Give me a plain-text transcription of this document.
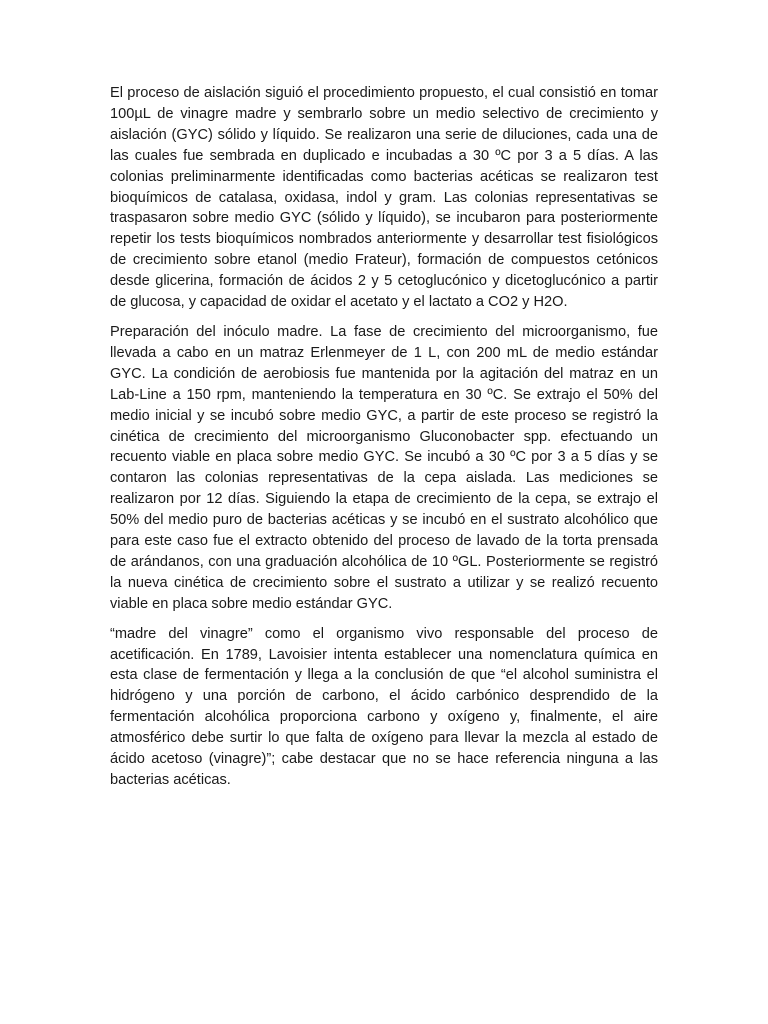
El proceso de aislación siguió el procedimiento propuesto, el cual consistió en tomar 100µL de vinagre madre y sembrarlo sobre un medio selectivo de crecimiento y aislación (GYC) sólido y líquido. Se realizaron una serie de diluciones, cada una de las cuales fue sembrada en duplicado e incubadas a 30 ºC por 3 a 5 días. A las colonias preliminarmente identificadas como bacterias acéticas se realizaron test bioquímicos de catalasa, oxidasa, indol y gram. Las colonias representativas se traspasaron sobre medio GYC (sólido y líquido), se incubaron para posteriormente repetir los tests bioquímicos nombrados anteriormente y desarrollar test fisiológicos de crecimiento sobre etanol (medio Frateur), formación de compuestos cetónicos desde glicerina, formación de ácidos 2 y 5 cetoglucónico y dicetoglucónico a partir de glucosa, y capacidad de oxidar el acetato y el lactato a CO2 y H2O.

Preparación del inóculo madre. La fase de crecimiento del microorganismo, fue llevada a cabo en un matraz Erlenmeyer de 1 L, con 200 mL de medio estándar GYC. La condición de aerobiosis fue mantenida por la agitación del matraz en un Lab-Line a 150 rpm, manteniendo la temperatura en 30 ºC. Se extrajo el 50% del medio inicial y se incubó sobre medio GYC, a partir de este proceso se registró la cinética de crecimiento del microorganismo Gluconobacter spp. efectuando un recuento viable en placa sobre medio GYC. Se incubó a 30 ºC por 3 a 5 días y se contaron las colonias representativas de la cepa aislada. Las mediciones se realizaron por 12 días. Siguiendo la etapa de crecimiento de la cepa, se extrajo el 50% del medio puro de bacterias acéticas y se incubó en el sustrato alcohólico que para este caso fue el extracto obtenido del proceso de lavado de la torta prensada de arándanos, con una graduación alcohólica de 10 ºGL. Posteriormente se registró la nueva cinética de crecimiento sobre el sustrato a utilizar y se realizó recuento viable en placa sobre medio estándar GYC.

“madre del vinagre” como el organismo vivo responsable del proceso de acetificación. En 1789, Lavoisier intenta establecer una nomenclatura química en esta clase de fermentación y llega a la conclusión de que “el alcohol suministra el hidrógeno y una porción de carbono, el ácido carbónico desprendido de la fermentación alcohólica proporciona carbono y oxígeno y, finalmente, el aire atmosférico debe surtir lo que falta de oxígeno para llevar la mezcla al estado de ácido acetoso (vinagre)”; cabe destacar que no se hace referencia ninguna a las bacterias acéticas.
